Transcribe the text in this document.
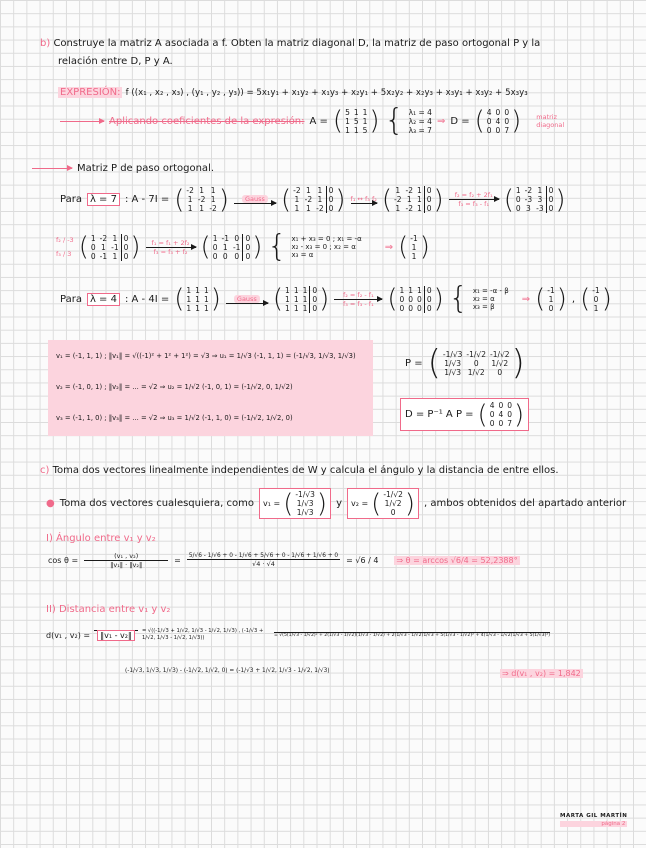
b) Construye la matriz A asociada a f. Obten la matriz diagonal D, la matriz de paso ortogonal P y la
relación entre D, P y A.
EXPRESIÓN: f ((x₁ , x₂ , x₃) , (y₁ , y₂ , y₃)) = 5x₁y₁ + x₁y₂ + x₁y₃ + x₂y₁ + 5x₂y₂ + x₂y₃ + x₃y₁ + x₃y₂ + 5x₃y₃
Aplicando coeficientes de la expresión: A = ( 5	1	1
1	5	1
1	1	5 ) { λ₁ = 4
λ₂ = 4
λ₃ = 7
⇒ D = ( 4	0	0
0	4	0
0	0	7 ) matriz
diagonal
Matriz P de paso ortogonal.
Para λ = 7 : A - 7I = ( -2	1	1
1	-2	1
1	1	-2 )	Gauss ( -2	1	1	0
1	-2	1	0
1	1	-2	0 ) f₁ ↔ f₃ f₂ ( 1	-2	1	0
-2	1	1	0
1	-2	1	0 ) f₂ = f₂ + 2f₁
f₃ = f₃ - f₁ ( 1	-2	1	0
0	-3	3	0
0	3	-3	0 )
f₂ / -3
f₃ / 3 ( 1	-2	1	0
0	1	-1	0
0	-1	1	0 ) f₁ = f₁ + 2f₂
f₃ = f₃ + f₂ ( 1	-1	0	0
0	1	-1	0
0	0	0	0 ) { x₁ + x₃ = 0 ; x₁ = -α
x₂ - x₃ = 0 ; x₂ = α
x₃ = α
⇒ ( -1
1
1 )
Para λ = 4 : A - 4I = ( 1	1	1
1	1	1
1	1	1 )	Gauss ( 1	1	1	0
1	1	1	0
1	1	1	0 ) f₂ = f₂ - f₁
f₃ = f₃ - f₁ ( 1	1	1	0
0	0	0	0
0	0	0	0 ) { x₁ = -α - β
x₂ = α
x₃ = β
⇒ ( -1
1
0 ) , ( -1
0
1 )
v₁ = (-1, 1, 1) ; ‖v₁‖ = √((-1)² + 1² + 1²) = √3 ⇒ u₁ = 1/√3 (-1, 1, 1) = (-1/√3, 1/√3, 1/√3)
v₂ = (-1, 0, 1) ; ‖v₂‖ = ... = √2 ⇒ u₂ = 1/√2 (-1, 0, 1) = (-1/√2, 0, 1/√2)
v₃ = (-1, 1, 0) ; ‖v₃‖ = ... = √2 ⇒ u₃ = 1/√2 (-1, 1, 0) = (-1/√2, 1/√2, 0)
P = ( -1/√3	-1/√2	-1/√2
1/√3	0	1/√2
1/√3	1/√2	0 )
D = P⁻¹ A P = ( 4	0	0
0	4	0
0	0	7 )
c) Toma dos vectores linealmente independientes de W y calcula el ángulo y la distancia de entre ellos.
● Toma dos vectores cualesquiera, como v₁ = ( -1/√3
1/√3
1/√3 ) y v₂ = ( -1/√2
1/√2
0 ) , ambos obtenidos del apartado anterior
I) Ángulo entre v₁ y v₂
$\cos \theta = \frac{\text{(v₁ , v₂)}}{\text{‖v₁‖ · ‖v₂‖}} = \frac{5/√6 - 1/√6 + 0 - 1/√6 + 5/√6 + 0 - 1/√6 + 1/√6 + 0}{√4 \cdot √4} = √6 / 4$ ⇒ θ = arccos √6/4 = 52,2388°
II) Distancia entre v₁ y v₂
d(v₁ , v₂) =	‖v₁ - v₂‖	= √((-1/√3 + 1/√2, 1/√3 - 1/√2, 1/√3) , (-1/√3 + 1/√2, 1/√3 - 1/√2, 1/√3))	= √(5(1/√3 - 1/√2)² + 2(1/√3 - 1/√2)(1/√3 - 1/√2) + 2(1/√3 - 1/√2)1/√3 + 5(1/√3 - 1/√2)² + 4(1/√3 - 1/√2)1/√3 + 5(1/√3)²)
(-1/√3, 1/√3, 1/√3) - (-1/√2, 1/√2, 0) = (-1/√3 + 1/√2, 1/√3 - 1/√2, 1/√3)	⇒ d(v₁ , v₂) = 1,842
MARTA GIL MARTÍN
página 2
